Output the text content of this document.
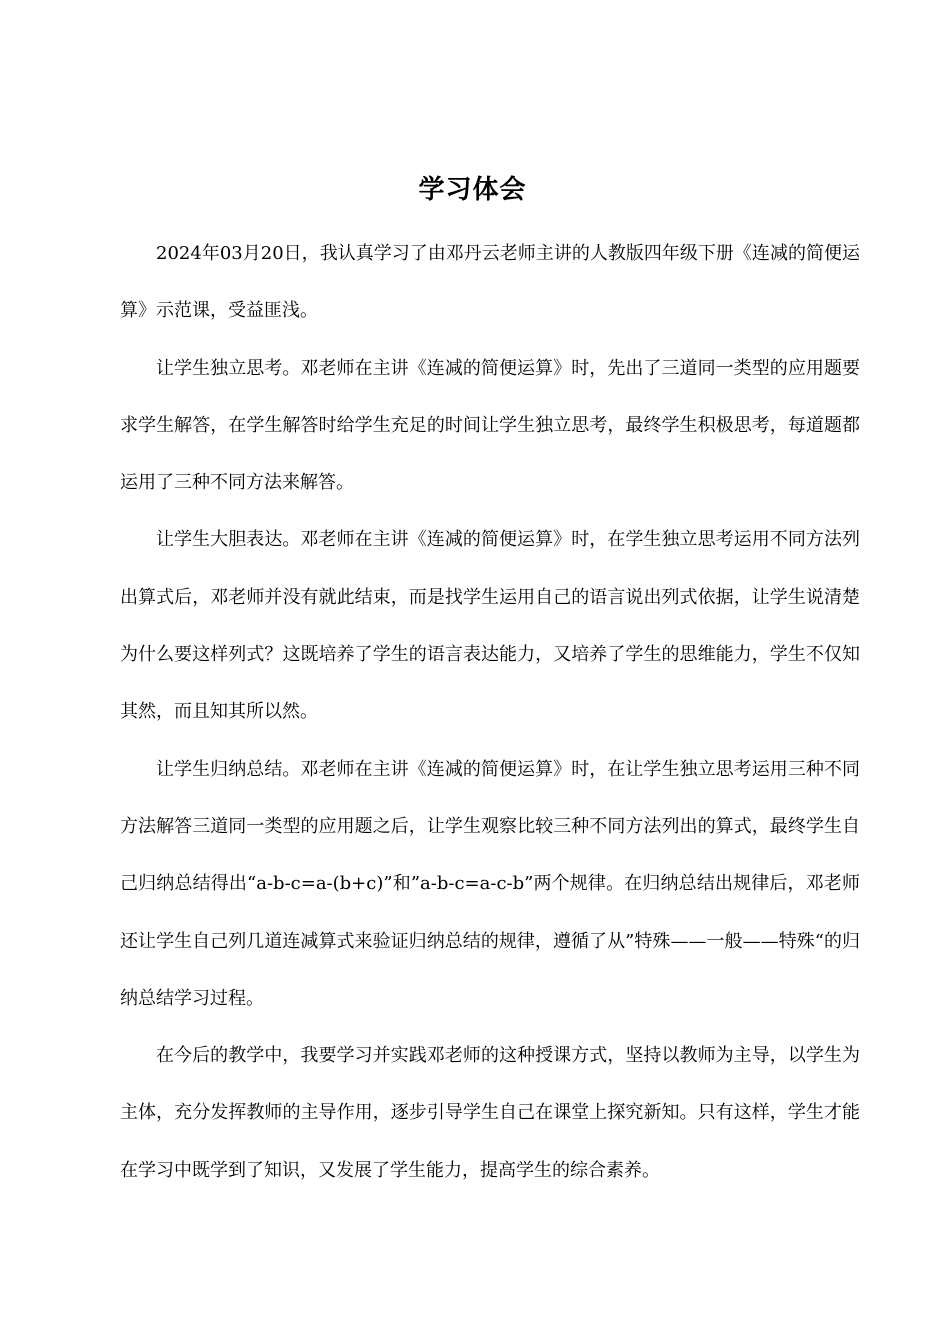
学习体会

2024年03月20日，我认真学习了由邓丹云老师主讲的人教版四年级下册《连减的简便运算》示范课，受益匪浅。

让学生独立思考。邓老师在主讲《连减的简便运算》时，先出了三道同一类型的应用题要求学生解答，在学生解答时给学生充足的时间让学生独立思考，最终学生积极思考，每道题都运用了三种不同方法来解答。

让学生大胆表达。邓老师在主讲《连减的简便运算》时，在学生独立思考运用不同方法列出算式后，邓老师并没有就此结束，而是找学生运用自己的语言说出列式依据，让学生说清楚为什么要这样列式？这既培养了学生的语言表达能力，又培养了学生的思维能力，学生不仅知其然，而且知其所以然。

让学生归纳总结。邓老师在主讲《连减的简便运算》时，在让学生独立思考运用三种不同方法解答三道同一类型的应用题之后，让学生观察比较三种不同方法列出的算式，最终学生自己归纳总结得出“a-b-c=a-(b+c)”和”a-b-c=a-c-b”两个规律。在归纳总结出规律后，邓老师还让学生自己列几道连减算式来验证归纳总结的规律，遵循了从”特殊——一般——特殊“的归纳总结学习过程。

在今后的教学中，我要学习并实践邓老师的这种授课方式，坚持以教师为主导，以学生为主体，充分发挥教师的主导作用，逐步引导学生自己在课堂上探究新知。只有这样，学生才能在学习中既学到了知识，又发展了学生能力，提高学生的综合素养。
